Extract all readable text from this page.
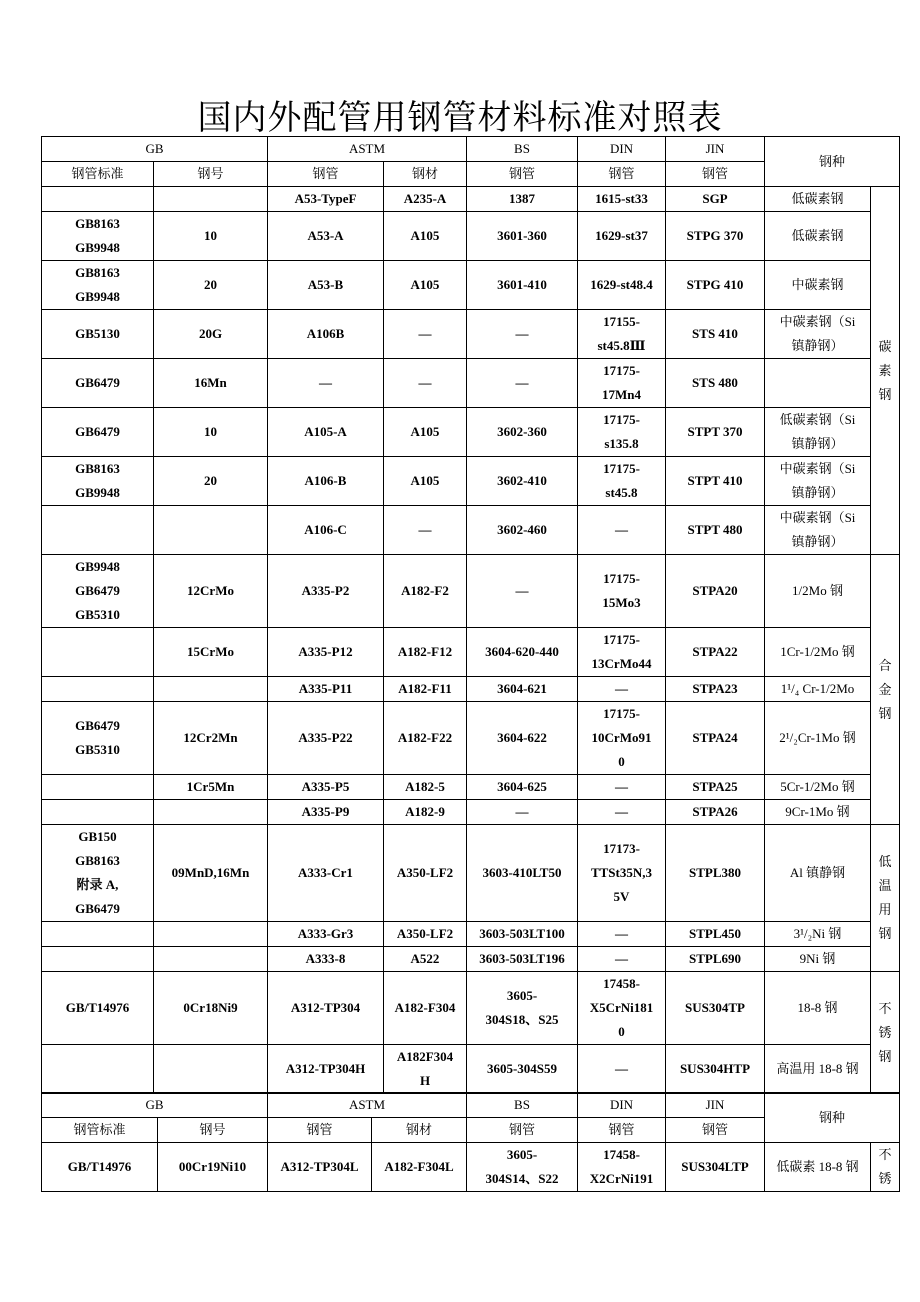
国内外配管用钢管材料标准对照表
GB		ASTM		BS	DIN	JIN	钢种	
钢管标准	钢号	钢管	钢材	钢管	钢管	钢管		
		A53-TypeF	A235-A	1387	1615-st33	SGP	低碳素钢	碳素钢
GB8163
GB9948	10	A53-A	A105	3601-360	1629-st37	STPG 370	低碳素钢	
GB8163
GB9948	20	A53-B	A105	3601-410	1629-st48.4	STPG 410	中碳素钢	
GB5130	20G	A106B	—	—	17155-
st45.8Ⅲ	STS 410	中碳素钢（Si
镇静钢）	
GB6479	16Mn	—	—	—	17175-
17Mn4	STS 480		
GB6479	10	A105-A	A105	3602-360	17175-
s135.8	STPT 370	低碳素钢（Si
镇静钢）	
GB8163
GB9948	20	A106-B	A105	3602-410	17175-
st45.8	STPT 410	中碳素钢（Si
镇静钢）	
		A106-C	—	3602-460	—	STPT 480	中碳素钢（Si
镇静钢）	
GB9948
GB6479
GB5310	12CrMo	A335-P2	A182-F2	—	17175-
15Mo3	STPA20	1/2Mo 钢	合金钢
	15CrMo	A335-P12	A182-F12	3604-620-440	17175-
13CrMo44	STPA22	1Cr-1/2Mo 钢	
		A335-P11	A182-F11	3604-621	—	STPA23	1¹/₄ Cr-1/2Mo	
GB6479
GB5310	12Cr2Mn	A335-P22	A182-F22	3604-622	17175-
10CrMo91
0	STPA24	2¹/₂Cr-1Mo 钢	
	1Cr5Mn	A335-P5	A182-5	3604-625	—	STPA25	5Cr-1/2Mo 钢	
		A335-P9	A182-9	—	—	STPA26	9Cr-1Mo 钢	
GB150
GB8163
附录 A,
GB6479	09MnD,16Mn	A333-Cr1	A350-LF2	3603-410LT50	17173-
TTSt35N,3
5V	STPL380	Al 镇静钢	低温用钢
		A333-Gr3	A350-LF2	3603-503LT100	—	STPL450	3¹/₂Ni 钢	
		A333-8	A522	3603-503LT196	—	STPL690	9Ni 钢	
GB/T14976	0Cr18Ni9	A312-TP304	A182-F304	3605-
304S18、S25	17458-
X5CrNi181
0	SUS304TP	18-8 钢	不锈钢
		A312-TP304H	A182F304
H	3605-304S59	—	SUS304HTP	高温用 18-8 钢	
GB		ASTM		BS	DIN	JIN	钢种	
钢管标准	钢号	钢管	钢材	钢管	钢管	钢管		
GB/T14976	00Cr19Ni10	A312-TP304L	A182-F304L	3605-
304S14、S22	17458-
X2CrNi191	SUS304LTP	低碳素 18-8 钢	不锈
